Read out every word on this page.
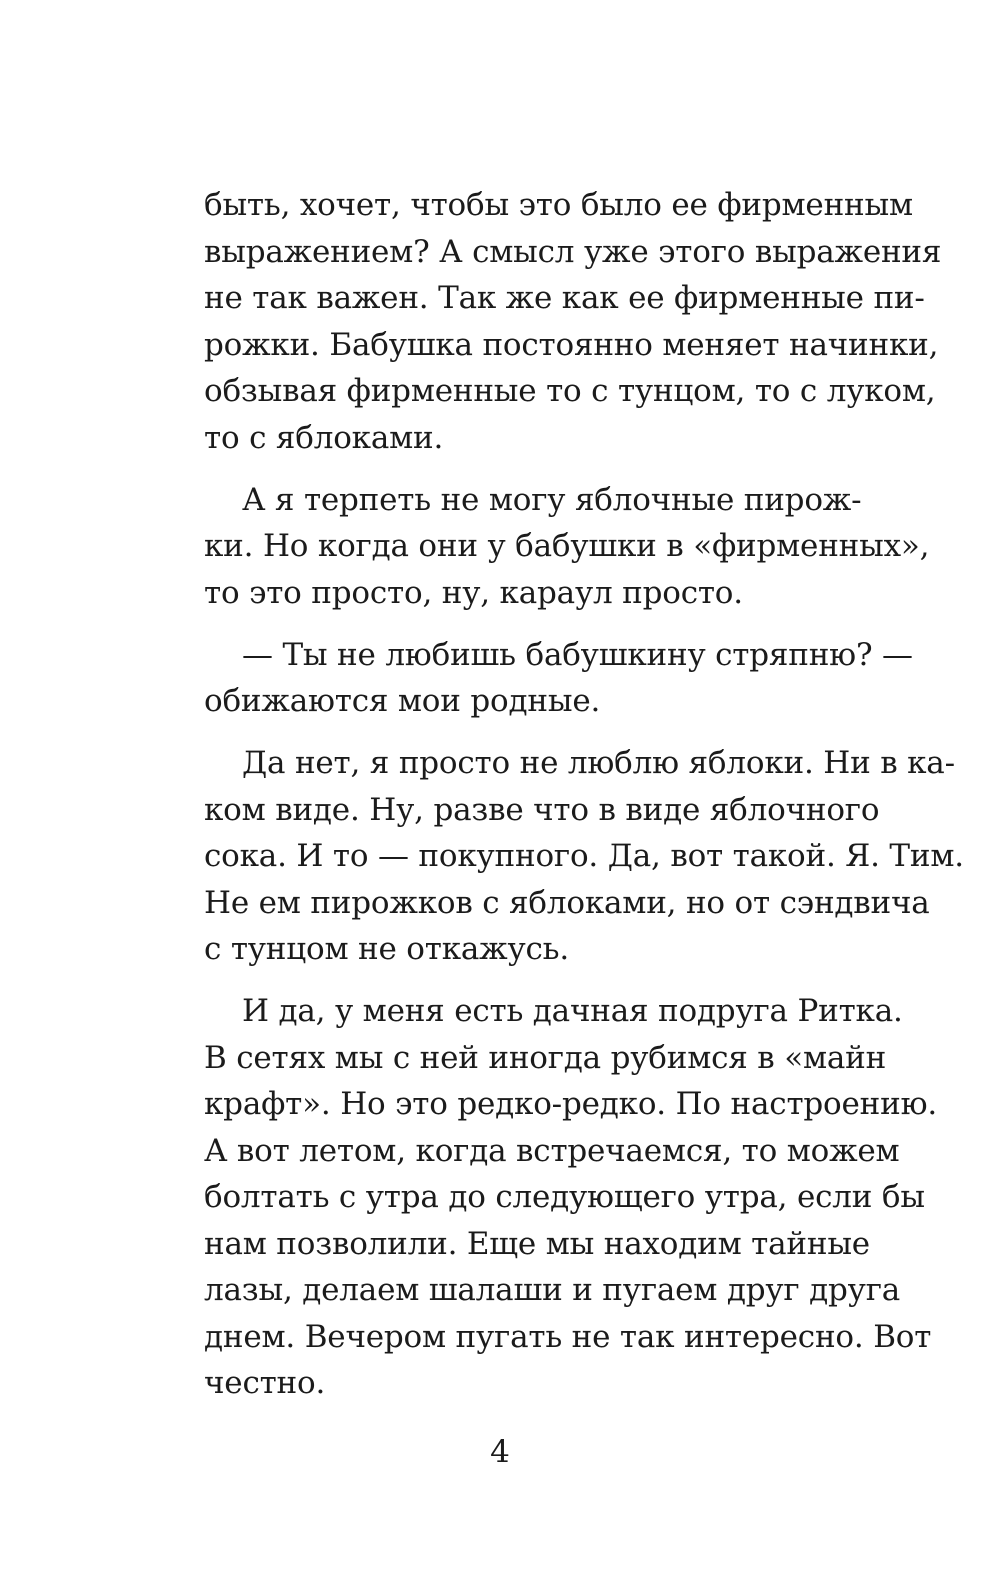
быть, хочет, чтобы это было ее фирменным
выражением? А смысл уже этого выражения
не так важен. Так же как ее фирменные пи-
рожки. Бабушка постоянно меняет начинки,
обзывая фирменные то с тунцом, то с луком,
то с яблоками.

А я терпеть не могу яблочные пирож-
ки. Но когда они у бабушки в «фирменных»,
то это просто, ну, караул просто.

— Ты не любишь бабушкину стряпню? —
обижаются мои родные.

Да нет, я просто не люблю яблоки. Ни в ка-
ком виде. Ну, разве что в виде яблочного
сока. И то — покупного. Да, вот такой. Я. Тим.
Не ем пирожков с яблоками, но от сэндвича
с тунцом не откажусь.

И да, у меня есть дачная подруга Ритка.
В сетях мы с ней иногда рубимся в «майн
крафт». Но это редко-редко. По настроению.
А вот летом, когда встречаемся, то можем
болтать с утра до следующего утра, если бы
нам позволили. Еще мы находим тайные
лазы, делаем шалаши и пугаем друг друга
днем. Вечером пугать не так интересно. Вот
честно.

4
